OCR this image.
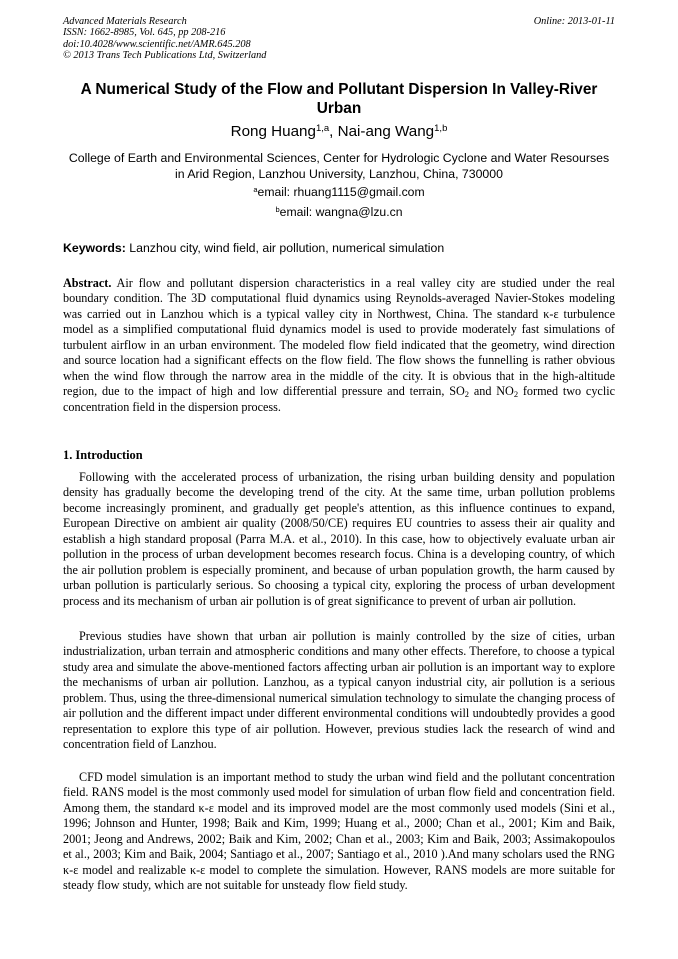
Advanced Materials Research
ISSN: 1662-8985, Vol. 645, pp 208-216
doi:10.4028/www.scientific.net/AMR.645.208
© 2013 Trans Tech Publications Ltd, Switzerland
Online: 2013-01-11
A Numerical Study of the Flow and Pollutant Dispersion In Valley-River Urban
Rong Huang$^{1,a}$, Nai-ang Wang$^{1,b}$
College of Earth and Environmental Sciences, Center for Hydrologic Cyclone and Water Resourses in Arid Region, Lanzhou University, Lanzhou, China, 730000
$^a$email: rhuang1115@gmail.com
$^b$email: wangna@lzu.cn
Keywords: Lanzhou city, wind field, air pollution, numerical simulation
Abstract. Air flow and pollutant dispersion characteristics in a real valley city are studied under the real boundary condition. The 3D computational fluid dynamics using Reynolds-averaged Navier-Stokes modeling was carried out in Lanzhou which is a typical valley city in Northwest, China. The standard κ-ε turbulence model as a simplified computational fluid dynamics model is used to provide moderately fast simulations of turbulent airflow in an urban environment. The modeled flow field indicated that the geometry, wind direction and source location had a significant effects on the flow field. The flow shows the funnelling is rather obvious when the wind flow through the narrow area in the middle of the city. It is obvious that in the high-altitude region, due to the impact of high and low differential pressure and terrain, $SO_2$ and $NO_2$ formed two cyclic concentration field in the dispersion process.
1. Introduction
Following with the accelerated process of urbanization, the rising urban building density and population density has gradually become the developing trend of the city. At the same time, urban pollution problems become increasingly prominent, and gradually get people's attention, as this influence continues to expand, European Directive on ambient air quality (2008/50/CE) requires EU countries to assess their air quality and establish a high standard proposal (Parra M.A. et al., 2010). In this case, how to objectively evaluate urban air pollution in the process of urban development becomes research focus. China is a developing country, of which the air pollution problem is especially prominent, and because of urban population growth, the harm caused by urban pollution is particularly serious. So choosing a typical city, exploring the process of urban development process and its mechanism of urban air pollution is of great significance to prevent of urban air pollution.
Previous studies have shown that urban air pollution is mainly controlled by the size of cities, urban industrialization, urban terrain and atmospheric conditions and many other effects. Therefore, to choose a typical study area and simulate the above-mentioned factors affecting urban air pollution is an important way to explore the mechanisms of urban air pollution. Lanzhou, as a typical canyon industrial city, air pollution is a serious problem. Thus, using the three-dimensional numerical simulation technology to simulate the changing process of air pollution and the different impact under different environmental conditions will undoubtedly provides a good representation to explore this type of air pollution. However, previous studies lack the research of wind and concentration field of Lanzhou.
CFD model simulation is an important method to study the urban wind field and the pollutant concentration field. RANS model is the most commonly used model for simulation of urban flow field and concentration field. Among them, the standard κ-ε model and its improved model are the most commonly used models (Sini et al., 1996; Johnson and Hunter, 1998; Baik and Kim, 1999; Huang et al., 2000; Chan et al., 2001; Kim and Baik, 2001; Jeong and Andrews, 2002; Baik and Kim, 2002; Chan et al., 2003; Kim and Baik, 2003; Assimakopoulos et al., 2003; Kim and Baik, 2004; Santiago et al., 2007; Santiago et al., 2010 ).And many scholars used the RNG κ-ε model and realizable κ-ε model to complete the simulation. However, RANS models are more suitable for steady flow study, which are not suitable for unsteady flow field study.
